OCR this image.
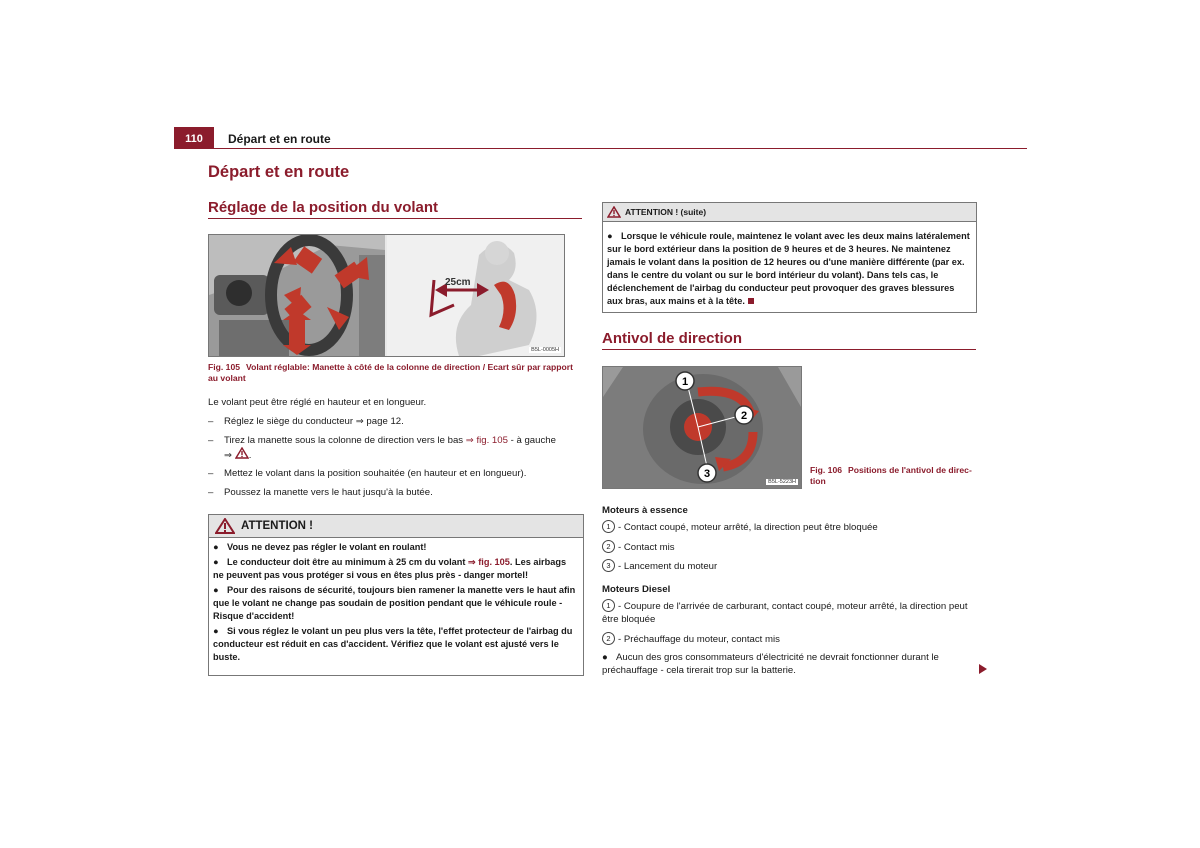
110	Départ et en route
Départ et en route
Réglage de la position du volant
25cm
B5L-0005H
Fig. 105 Volant réglable: Manette à côté de la colonne de direction / Ecart sûr par rapport au volant
Le volant peut être réglé en hauteur et en longueur.
– Réglez le siège du conducteur ⇒ page 12.
– Tirez la manette sous la colonne de direction vers le bas ⇒ fig. 105 - à gauche
⇒ .
– Mettez le volant dans la position souhaitée (en hauteur et en longueur).
– Poussez la manette vers le haut jusqu'à la butée.
ATTENTION !

● Vous ne devez pas régler le volant en roulant!

● Le conducteur doit être au minimum à 25 cm du volant ⇒ fig. 105. Les airbags ne peuvent pas vous protéger si vous en êtes plus près - danger mortel!

● Pour des raisons de sécurité, toujours bien ramener la manette vers le haut afin que le volant ne change pas soudain de position pendant que le véhicule roule - Risque d'accident!

● Si vous réglez le volant un peu plus vers la tête, l'effet protecteur de l'airbag du conducteur est réduit en cas d'accident. Vérifiez que le volant est ajusté vers le buste.

ATTENTION ! (suite)

● Lorsque le véhicule roule, maintenez le volant avec les deux mains latéralement sur le bord extérieur dans la position de 9 heures et de 3 heures. Ne maintenez jamais le volant dans la position de 12 heures ou d'une manière différente (par ex. dans le centre du volant ou sur le bord intérieur du volant). Dans tels cas, le déclenchement de l'airbag du conducteur peut provoquer des graves blessures aux bras, aux mains et à la tête.

Antivol de direction
1
2
3
B5L-5223H
Fig. 106 Positions de l'antivol de direction
Moteurs à essence
1 - Contact coupé, moteur arrêté, la direction peut être bloquée
2 - Contact mis
3 - Lancement du moteur
Moteurs Diesel
1 - Coupure de l'arrivée de carburant, contact coupé, moteur arrêté, la direction peut être bloquée
2 - Préchauffage du moteur, contact mis
● Aucun des gros consommateurs d'électricité ne devrait fonctionner durant le préchauffage - cela tirerait trop sur la batterie.
